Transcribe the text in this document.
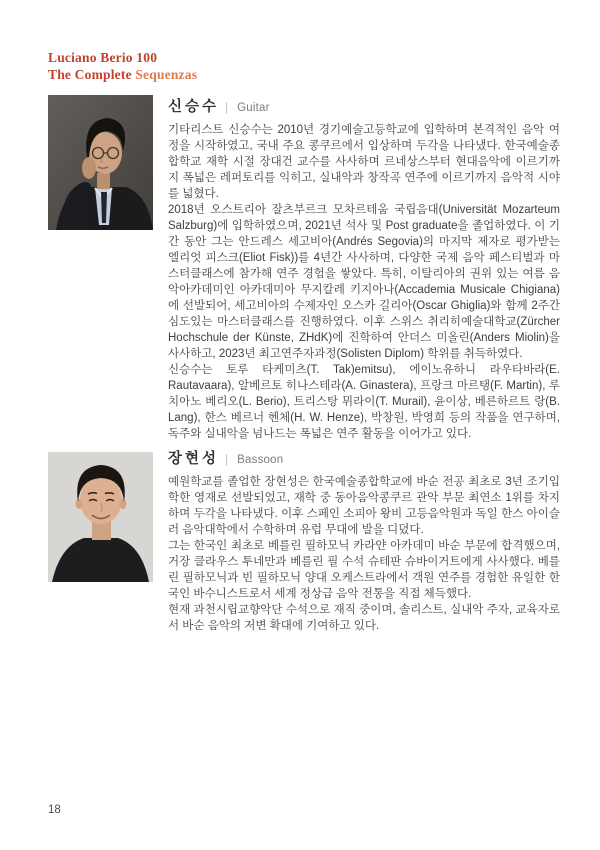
Luciano Berio 100
The Complete Sequenzas
신승수 | Guitar

기타리스트 신승수는 2010년 경기예술고등학교에 입학하며 본격적인 음악 여정을 시작하였고, 국내 주요 콩쿠르에서 입상하며 두각을 나타냈다. 한국예술종합학교 재학 시절 장대건 교수를 사사하며 르네상스부터 현대음악에 이르기까지 폭넓은 레퍼토리를 익히고, 실내악과 창작곡 연주에 이르기까지 음악적 시야를 넓혔다.

2018년 오스트리아 잘츠부르크 모차르테움 국립음대(Universität Mozarteum Salzburg)에 입학하였으며, 2021년 석사 및 Post graduate을 졸업하였다. 이 기간 동안 그는 안드레스 세고비아(Andrés Segovia)의 마지막 제자로 평가받는 엘리엇 피스크(Eliot Fisk))를 4년간 사사하며, 다양한 국제 음악 페스티벌과 마스터클래스에 참가해 연주 경험을 쌓았다. 특히, 이탈리아의 권위 있는 여름 음악아카데미인 아카데미아 무지칼레 키지아나(Accademia Musicale Chigiana)에 선발되어, 세고비아의 수제자인 오스카 길리아(Oscar Ghiglia)와 함께 2주간 심도있는 마스터클래스를 진행하였다. 이후 스위스 취리히예술대학교(Zürcher Hochschule der Künste, ZHdK)에 진학하여 안더스 미올린(Anders Miolin)을 사사하고, 2023년 최고연주자과정(Solisten Diplom) 학위를 취득하였다.

신승수는 토루 타케미츠(T. Tak)emitsu), 에이노유하니 라우타바라(E. Rautavaara), 알베르토 히나스테라(A. Ginastera), 프랑크 마르탱(F. Martin), 루치아노 베리오(L. Berio), 트리스탕 뮈라이(T. Murail), 윤이상, 베른하르트 랑(B. Lang), 한스 베르너 헨체(H. W. Henze), 박창원, 박영희 등의 작품을 연구하며, 독주와 실내악을 넘나드는 폭넓은 연주 활동을 이어가고 있다.

장현성 | Bassoon

예원학교를 졸업한 장현성은 한국예술종합학교에 바순 전공 최초로 3년 조기입학한 영재로 선발되었고, 재학 중 동아음악콩쿠르 관악 부문 최연소 1위를 차지하며 두각을 나타냈다. 이후 스페인 소피아 왕비 고등음악원과 독일 한스 아이슬러 음악대학에서 수학하며 유럽 무대에 발을 디뎠다.

그는 한국인 최초로 베를린 필하모닉 카라얀 아카데미 바순 부문에 합격했으며, 거장 클라우스 투네만과 베를린 필 수석 슈테판 슈바이거트에게 사사했다. 베를린 필하모닉과 빈 필하모닉 양대 오케스트라에서 객원 연주를 경험한 유일한 한국인 바수니스트로서 세계 정상급 음악 전통을 직접 체득했다.

현재 과천시립교향악단 수석으로 재직 중이며, 솔리스트, 실내악 주자, 교육자로서 바순 음악의 저변 확대에 기여하고 있다.

18
